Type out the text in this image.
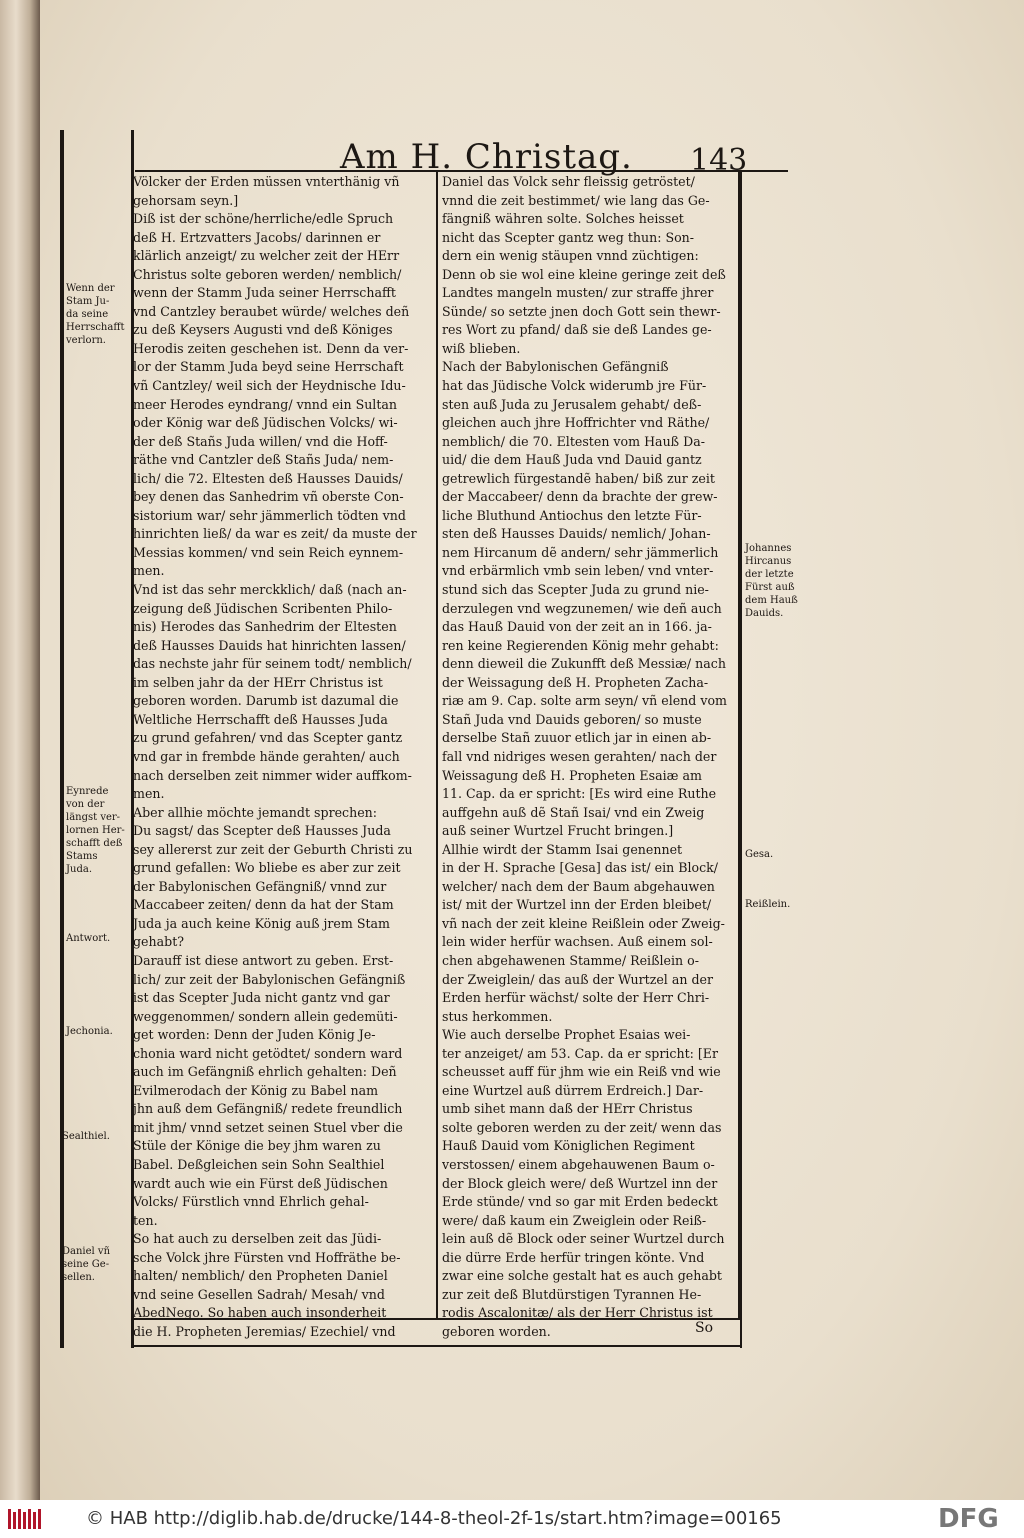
Am H. Christag. 143
Völcker der Erden müssen vnterthänig vñ
gehorsam seyn.]
Diß ist der schöne/herrliche/edle Spruch
deß H. Ertzvatters Jacobs/ darinnen er
klärlich anzeigt/ zu welcher zeit der HErr
Christus solte geboren werden/ nemblich/
wenn der Stamm Juda seiner Herrschafft
vnd Cantzley beraubet würde/ welches deñ
zu deß Keysers Augusti vnd deß Königes
Herodis zeiten geschehen ist. Denn da ver-
lor der Stamm Juda beyd seine Herrschaft
vñ Cantzley/ weil sich der Heydnische Idu-
meer Herodes eyndrang/ vnnd ein Sultan
oder König war deß Jüdischen Volcks/ wi-
der deß Stañs Juda willen/ vnd die Hoff-
räthe vnd Cantzler deß Stañs Juda/ nem-
lich/ die 72. Eltesten deß Hausses Dauids/
bey denen das Sanhedrim vñ oberste Con-
sistorium war/ sehr jämmerlich tödten vnd
hinrichten ließ/ da war es zeit/ da muste der
Messias kommen/ vnd sein Reich eynnem-
men.
Vnd ist das sehr merckklich/ daß (nach an-
zeigung deß Jüdischen Scribenten Philo-
nis) Herodes das Sanhedrim der Eltesten
deß Hausses Dauids hat hinrichten lassen/
das nechste jahr für seinem todt/ nemblich/
im selben jahr da der HErr Christus ist
geboren worden. Darumb ist dazumal die
Weltliche Herrschafft deß Hausses Juda
zu grund gefahren/ vnd das Scepter gantz
vnd gar in frembde hände gerahten/ auch
nach derselben zeit nimmer wider auffkom-
men.
Aber allhie möchte jemandt sprechen:
Du sagst/ das Scepter deß Hausses Juda
sey allererst zur zeit der Geburth Christi zu
grund gefallen: Wo bliebe es aber zur zeit
der Babylonischen Gefängniß/ vnnd zur
Maccabeer zeiten/ denn da hat der Stam
Juda ja auch keine König auß jrem Stam
gehabt?
Darauff ist diese antwort zu geben. Erst-
lich/ zur zeit der Babylonischen Gefängniß
ist das Scepter Juda nicht gantz vnd gar
weggenommen/ sondern allein gedemüti-
get worden: Denn der Juden König Je-
chonia ward nicht getödtet/ sondern ward
auch im Gefängniß ehrlich gehalten: Deñ
Evilmerodach der König zu Babel nam
jhn auß dem Gefängniß/ redete freundlich
mit jhm/ vnnd setzet seinen Stuel vber die
Stüle der Könige die bey jhm waren zu
Babel. Deßgleichen sein Sohn Sealthiel
wardt auch wie ein Fürst deß Jüdischen
Volcks/ Fürstlich vnnd Ehrlich gehal-
ten.
So hat auch zu derselben zeit das Jüdi-
sche Volck jhre Fürsten vnd Hoffräthe be-
halten/ nemblich/ den Propheten Daniel
vnd seine Gesellen Sadrah/ Mesah/ vnd
AbedNego. So haben auch insonderheit
die H. Propheten Jeremias/ Ezechiel/ vnd
Daniel das Volck sehr fleissig getröstet/
vnnd die zeit bestimmet/ wie lang das Ge-
fängniß währen solte. Solches heisset
nicht das Scepter gantz weg thun: Son-
dern ein wenig stäupen vnnd züchtigen:
Denn ob sie wol eine kleine geringe zeit deß
Landtes mangeln musten/ zur straffe jhrer
Sünde/ so setzte jnen doch Gott sein thewr-
res Wort zu pfand/ daß sie deß Landes ge-
wiß blieben.
Nach der Babylonischen Gefängniß
hat das Jüdische Volck widerumb jre Für-
sten auß Juda zu Jerusalem gehabt/ deß-
gleichen auch jhre Hoffrichter vnd Räthe/
nemblich/ die 70. Eltesten vom Hauß Da-
uid/ die dem Hauß Juda vnd Dauid gantz
getrewlich fürgestandẽ haben/ biß zur zeit
der Maccabeer/ denn da brachte der grew-
liche Bluthund Antiochus den letzte Für-
sten deß Hausses Dauids/ nemlich/ Johan-
nem Hircanum dẽ andern/ sehr jämmerlich
vnd erbärmlich vmb sein leben/ vnd vnter-
stund sich das Scepter Juda zu grund nie-
derzulegen vnd wegzunemen/ wie deñ auch
das Hauß Dauid von der zeit an in 166. ja-
ren keine Regierenden König mehr gehabt:
denn dieweil die Zukunfft deß Messiæ/ nach
der Weissagung deß H. Propheten Zacha-
riæ am 9. Cap. solte arm seyn/ vñ elend vom
Stañ Juda vnd Dauids geboren/ so muste
derselbe Stañ zuuor etlich jar in einen ab-
fall vnd nidriges wesen gerahten/ nach der
Weissagung deß H. Propheten Esaiæ am
11. Cap. da er spricht: [Es wird eine Ruthe
auffgehn auß dẽ Stañ Isai/ vnd ein Zweig
auß seiner Wurtzel Frucht bringen.]
Allhie wirdt der Stamm Isai genennet
in der H. Sprache [Gesa] das ist/ ein Block/
welcher/ nach dem der Baum abgehauwen
ist/ mit der Wurtzel inn der Erden bleibet/
vñ nach der zeit kleine Reißlein oder Zweig-
lein wider herfür wachsen. Auß einem sol-
chen abgehawenen Stamme/ Reißlein o-
der Zweiglein/ das auß der Wurtzel an der
Erden herfür wächst/ solte der Herr Chri-
stus herkommen.
Wie auch derselbe Prophet Esaias wei-
ter anzeiget/ am 53. Cap. da er spricht: [Er
scheusset auff für jhm wie ein Reiß vnd wie
eine Wurtzel auß dürrem Erdreich.] Dar-
umb sihet mann daß der HErr Christus
solte geboren werden zu der zeit/ wenn das
Hauß Dauid vom Königlichen Regiment
verstossen/ einem abgehauwenen Baum o-
der Block gleich were/ deß Wurtzel inn der
Erde stünde/ vnd so gar mit Erden bedeckt
were/ daß kaum ein Zweiglein oder Reiß-
lein auß dẽ Block oder seiner Wurtzel durch
die dürre Erde herfür tringen könte. Vnd
zwar eine solche gestalt hat es auch gehabt
zur zeit deß Blutdürstigen Tyrannen He-
rodis Ascalonitæ/ als der Herr Christus ist
geboren worden.
Wenn der
Stam Ju-
da seine
Herrschafft
verlorn.
Eynrede
von der
längst ver-
lornen Her-
schafft deß
Stams
Juda.
Antwort.
Jechonia.
Sealthiel.
Daniel vñ
seine Ge-
sellen.
Johannes
Hircanus
der letzte
Fürst auß
dem Hauß
Dauids.
Gesa.
Reißlein.
So
© HAB http://diglib.hab.de/drucke/144-8-theol-2f-1s/start.htm?image=00165	DFG
